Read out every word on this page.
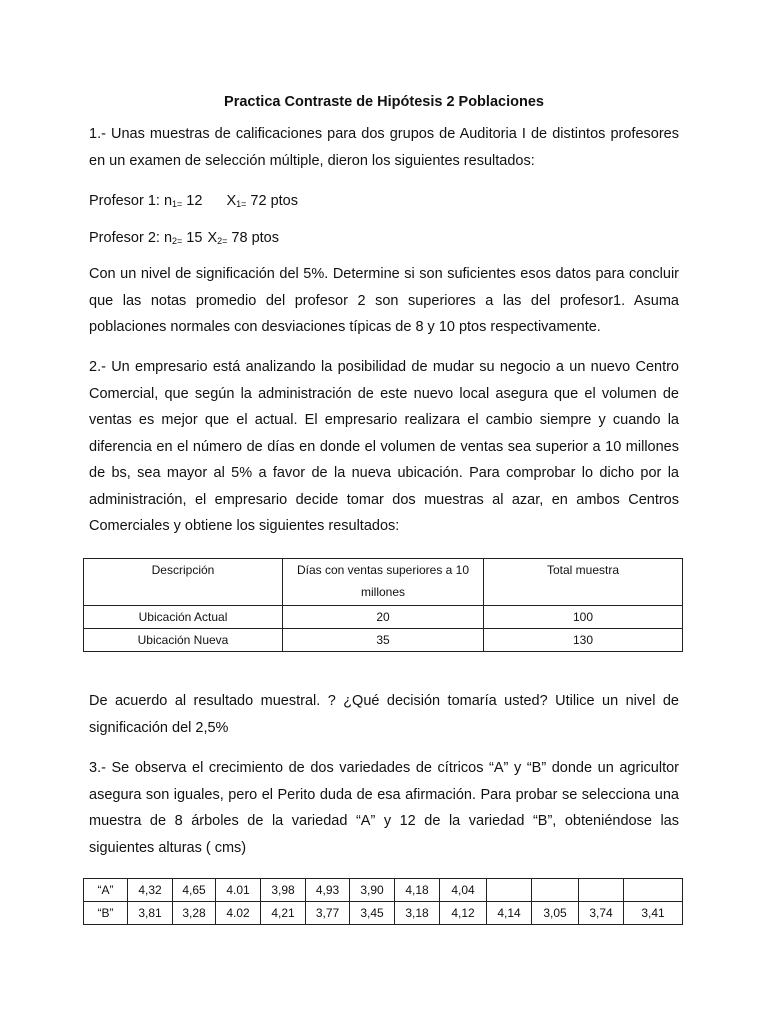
Practica Contraste de Hipótesis 2 Poblaciones

1.- Unas muestras de calificaciones para dos grupos de Auditoria I de distintos profesores en un examen de selección múltiple, dieron los siguientes resultados:

Profesor 1: $n_{1=}$ 12 $X_{1=}$ 72 ptos
Profesor 2: $n_{2=}$ 15 $X_{2=}$ 78 ptos

Con un nivel de significación del 5%. Determine si son suficientes esos datos para concluir que las notas promedio del profesor 2 son superiores a las del profesor1. Asuma poblaciones normales con desviaciones típicas de 8 y 10 ptos respectivamente.

2.- Un empresario está analizando la posibilidad de mudar su negocio a un nuevo Centro Comercial, que según la administración de este nuevo local asegura que el volumen de ventas es mejor que el actual. El empresario realizara el cambio siempre y cuando la diferencia en el número de días en donde el volumen de ventas sea superior a 10 millones de bs, sea mayor al 5% a favor de la nueva ubicación. Para comprobar lo dicho por la administración, el empresario decide tomar dos muestras al azar, en ambos Centros Comerciales y obtiene los siguientes resultados:

Descripción	Días con ventas superiores a 10 millones	Total muestra
Ubicación Actual	20	100
Ubicación Nueva	35	130

De acuerdo al resultado muestral. ? ¿Qué decisión tomaría usted? Utilice un nivel de significación del 2,5%

3.- Se observa el crecimiento de dos variedades de cítricos “A” y “B” donde un agricultor asegura son iguales, pero el Perito duda de esa afirmación. Para probar se selecciona una muestra de 8 árboles de la variedad “A” y 12 de la variedad “B”, obteniéndose las siguientes alturas ( cms)

“A”	4,32	4,65	4.01	3,98	4,93	3,90	4,18	4,04				
“B”	3,81	3,28	4.02	4,21	3,77	3,45	3,18	4,12	4,14	3,05	3,74	3,41
